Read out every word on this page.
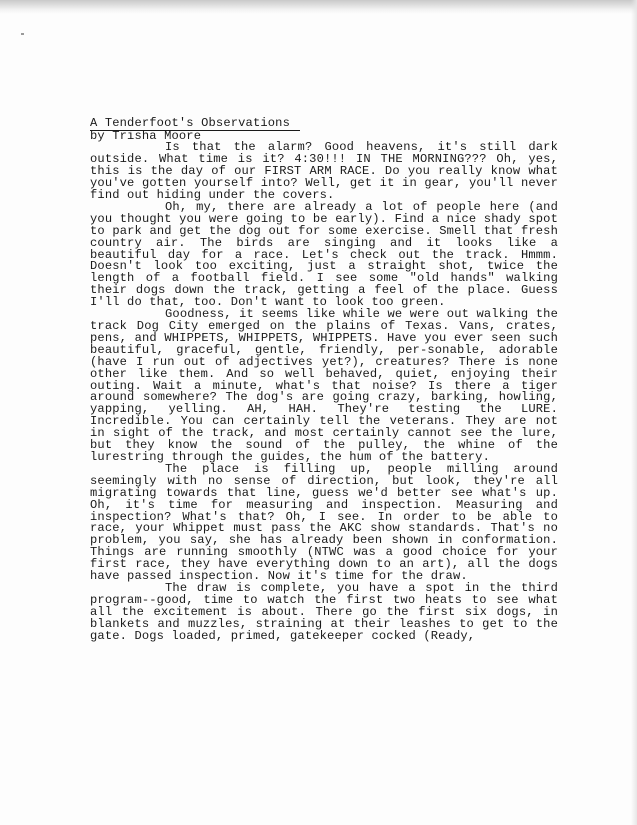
A Tenderfoot's Observations
by Trisha Moore

Is that the alarm? Good heavens, it's still dark outside. What time is it? 4:30!!! IN THE MORNING??? Oh, yes, this is the day of our FIRST ARM RACE. Do you really know what you've gotten yourself into? Well, get it in gear, you'll never find out hiding under the covers.

Oh, my, there are already a lot of people here (and you thought you were going to be early). Find a nice shady spot to park and get the dog out for some exercise. Smell that fresh country air. The birds are singing and it looks like a beautiful day for a race. Let's check out the track. Hmmm. Doesn't look too exciting, just a straight shot, twice the length of a football field. I see some "old hands" walking their dogs down the track, getting a feel of the place. Guess I'll do that, too. Don't want to look too green.

Goodness, it seems like while we were out walking the track Dog City emerged on the plains of Texas. Vans, crates, pens, and WHIPPETS, WHIPPETS, WHIPPETS. Have you ever seen such beautiful, graceful, gentle, friendly, per-sonable, adorable (have I run out of adjectives yet?), creatures? There is none other like them. And so well behaved, quiet, enjoying their outing. Wait a minute, what's that noise? Is there a tiger around somewhere? The dog's are going crazy, barking, howling, yapping, yelling. AH, HAH. They're testing the LURE. Incredible. You can certainly tell the veterans. They are not in sight of the track, and most certainly cannot see the lure, but they know the sound of the pulley, the whine of the lurestring through the guides, the hum of the battery.

The place is filling up, people milling around seemingly with no sense of direction, but look, they're all migrating towards that line, guess we'd better see what's up. Oh, it's time for measuring and inspection. Measuring and inspection? What's that? Oh, I see. In order to be able to race, your Whippet must pass the AKC show standards. That's no problem, you say, she has already been shown in conformation. Things are running smoothly (NTWC was a good choice for your first race, they have everything down to an art), all the dogs have passed inspection. Now it's time for the draw.

The draw is complete, you have a spot in the third program--good, time to watch the first two heats to see what all the excitement is about. There go the first six dogs, in blankets and muzzles, straining at their leashes to get to the gate. Dogs loaded, primed, gatekeeper cocked (Ready,
